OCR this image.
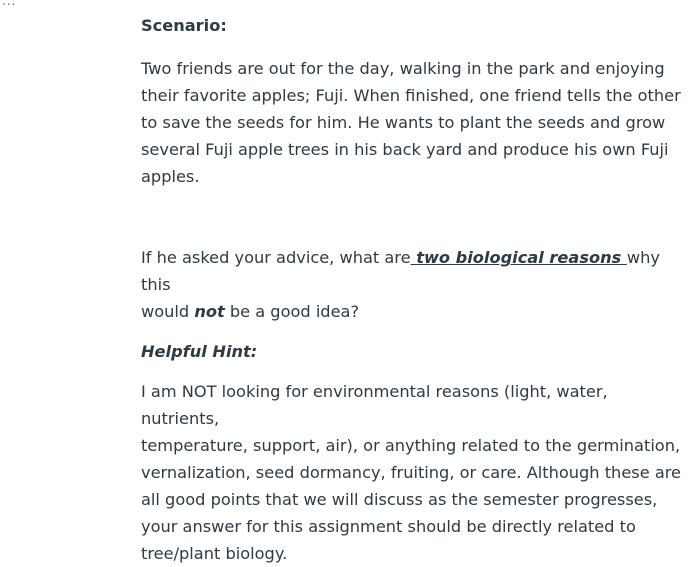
...

Scenario:

Two friends are out for the day, walking in the park and enjoying
their favorite apples; Fuji. When finished, one friend tells the other
to save the seeds for him. He wants to plant the seeds and grow
several Fuji apple trees in his back yard and produce his own Fuji
apples.
If he asked your advice, what are two biological reasons why this
would not be a good idea?

Helpful Hint:

I am NOT looking for environmental reasons (light, water, nutrients,
temperature, support, air), or anything related to the germination,
vernalization, seed dormancy, fruiting, or care. Although these are
all good points that we will discuss as the semester progresses,
your answer for this assignment should be directly related to
tree/plant biology.
